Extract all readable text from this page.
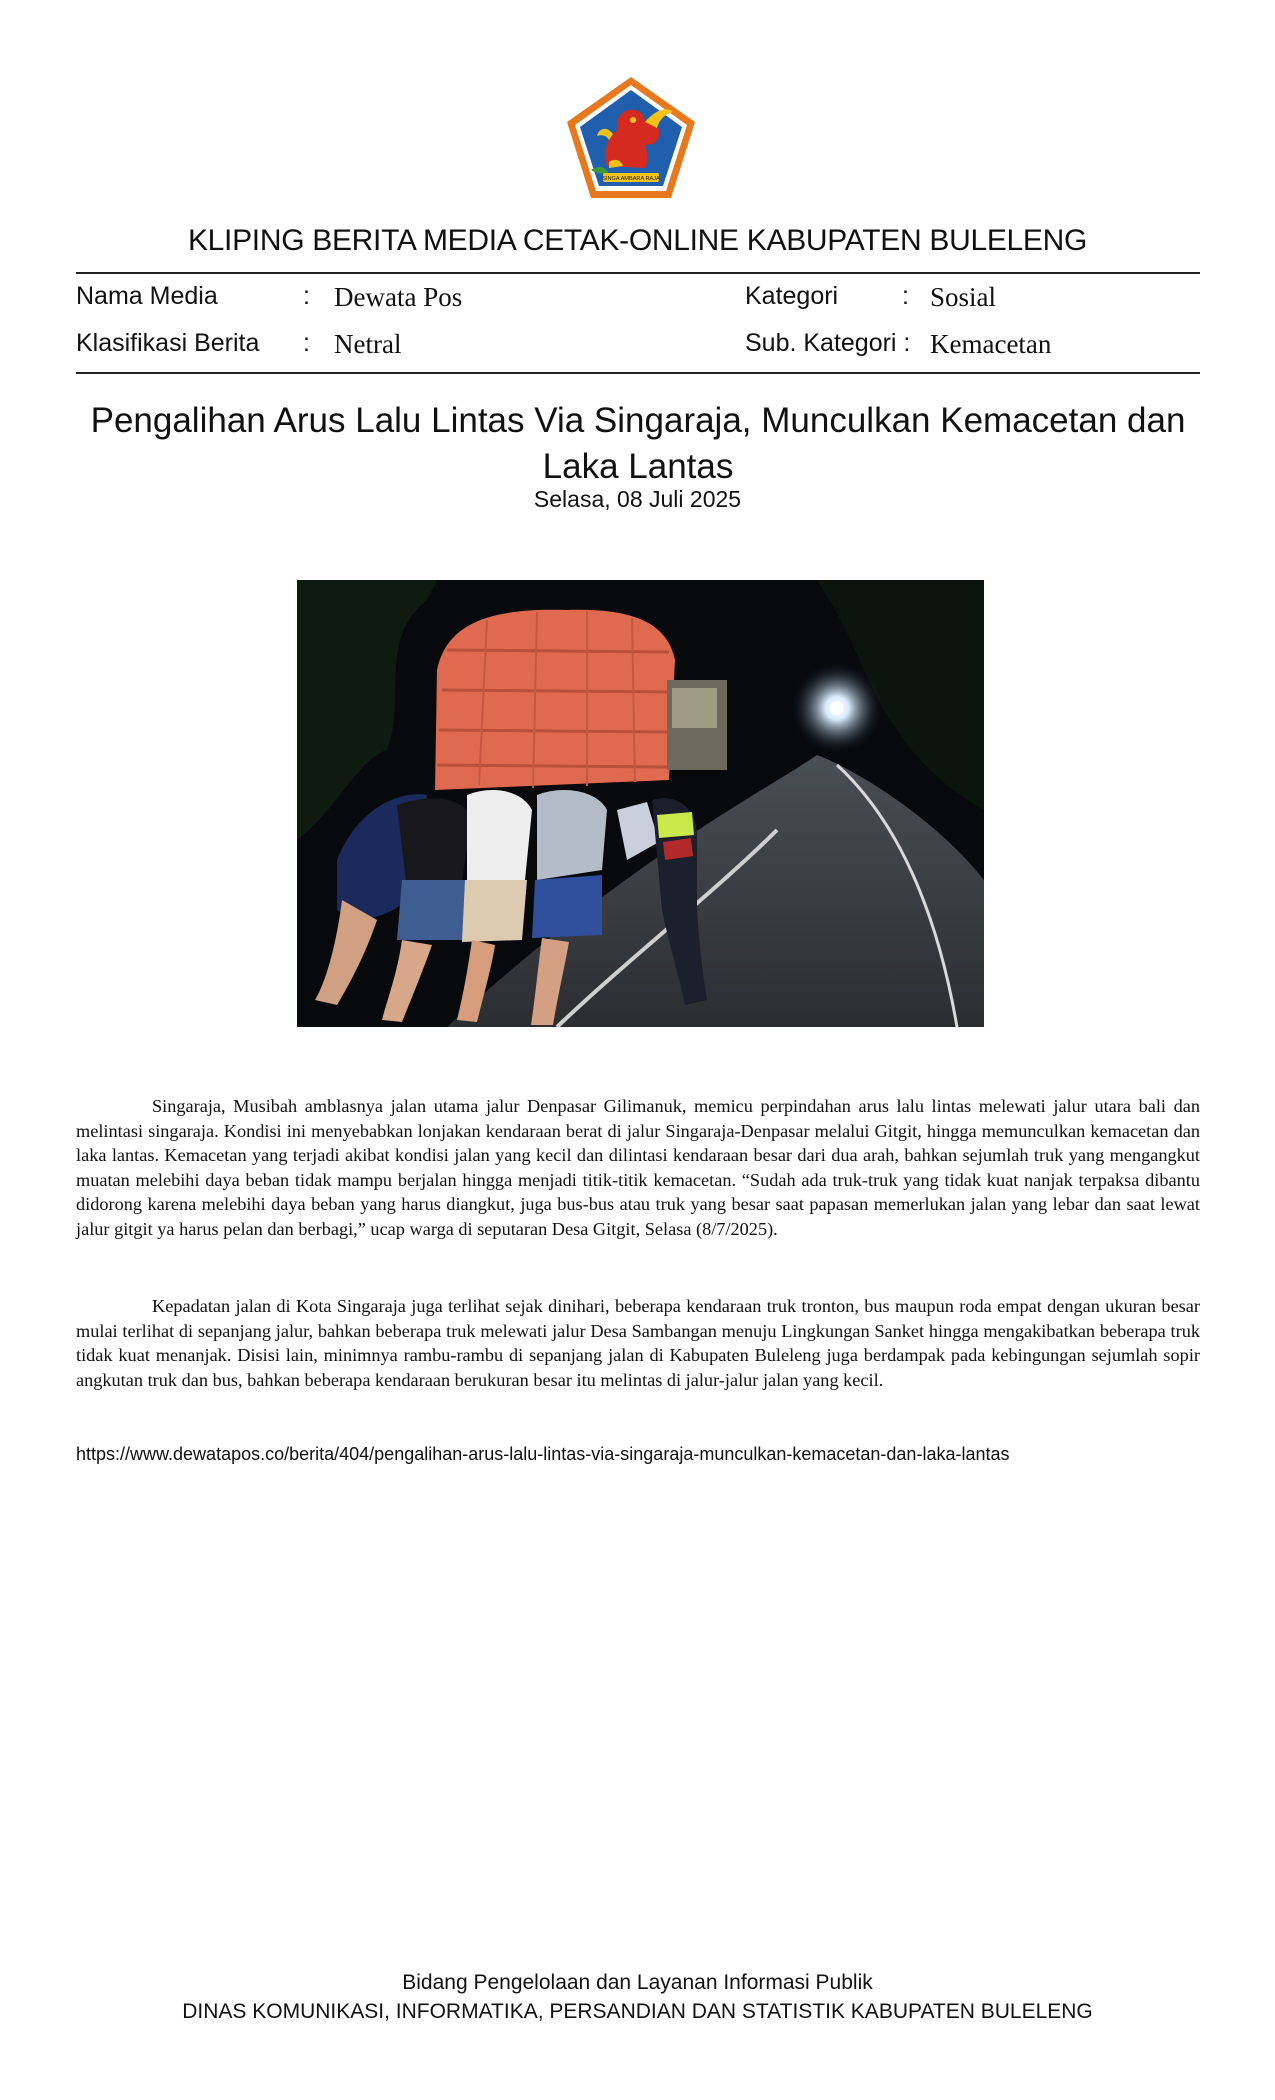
SINGA AMBARA RAJA
KLIPING BERITA MEDIA CETAK-ONLINE KABUPATEN BULELENG
Nama Media	: Dewata Pos	Kategori	: Sosial
Klasifikasi Berita : Netral	Sub. Kategori : Kemacetan
Pengalihan Arus Lalu Lintas Via Singaraja, Munculkan Kemacetan dan Laka Lantas
Selasa, 08 Juli 2025

Singaraja, Musibah amblasnya jalan utama jalur Denpasar Gilimanuk, memicu perpindahan arus lalu lintas melewati jalur utara bali dan melintasi singaraja. Kondisi ini menyebabkan lonjakan kendaraan berat di jalur Singaraja-Denpasar melalui Gitgit, hingga memunculkan kemacetan dan laka lantas. Kemacetan yang terjadi akibat kondisi jalan yang kecil dan dilintasi kendaraan besar dari dua arah, bahkan sejumlah truk yang mengangkut muatan melebihi daya beban tidak mampu berjalan hingga menjadi titik-titik kemacetan. “Sudah ada truk-truk yang tidak kuat nanjak terpaksa dibantu didorong karena melebihi daya beban yang harus diangkut, juga bus-bus atau truk yang besar saat papasan memerlukan jalan yang lebar dan saat lewat jalur gitgit ya harus pelan dan berbagi,” ucap warga di seputaran Desa Gitgit, Selasa (8/7/2025).

Kepadatan jalan di Kota Singaraja juga terlihat sejak dinihari, beberapa kendaraan truk tronton, bus maupun roda empat dengan ukuran besar mulai terlihat di sepanjang jalur, bahkan beberapa truk melewati jalur Desa Sambangan menuju Lingkungan Sanket hingga mengakibatkan beberapa truk tidak kuat menanjak. Disisi lain, minimnya rambu-rambu di sepanjang jalan di Kabupaten Buleleng juga berdampak pada kebingungan sejumlah sopir angkutan truk dan bus, bahkan beberapa kendaraan berukuran besar itu melintas di jalur-jalur jalan yang kecil.

https://www.dewatapos.co/berita/404/pengalihan-arus-lalu-lintas-via-singaraja-munculkan-kemacetan-dan-laka-lantas
Bidang Pengelolaan dan Layanan Informasi Publik
DINAS KOMUNIKASI, INFORMATIKA, PERSANDIAN DAN STATISTIK KABUPATEN BULELENG
